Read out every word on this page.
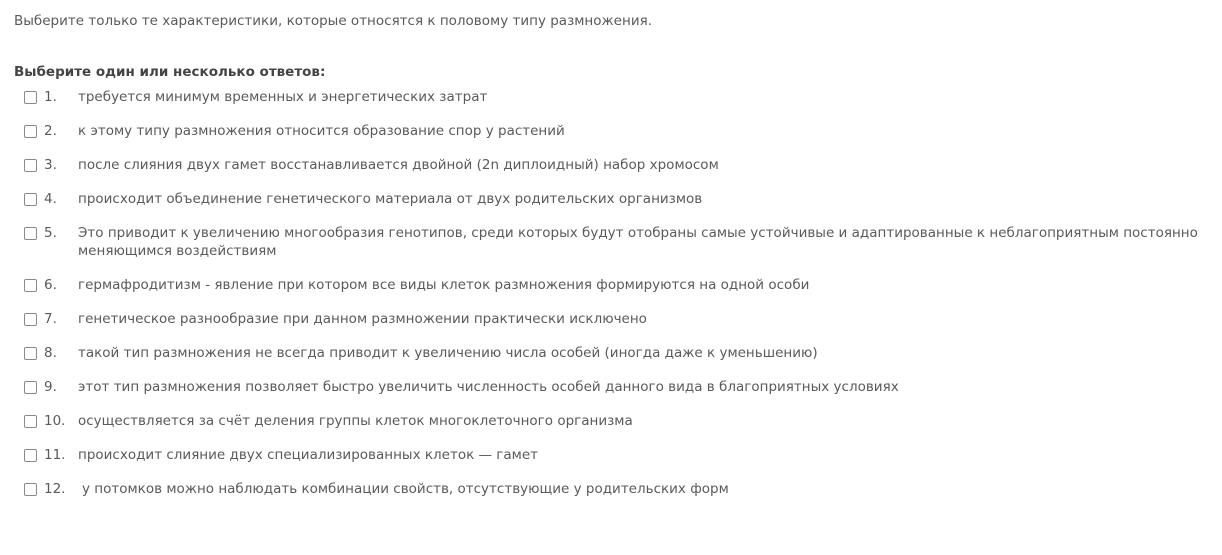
Выберите только те характеристики, которые относятся к половому типу размножения.

Выберите один или несколько ответов:
1.	требуется минимум временных и энергетических затрат
2.	к этому типу размножения относится образование спор у растений
3.	после слияния двух гамет восстанавливается двойной (2n диплоидный) набор хромосом
4.	происходит объединение генетического материала от двух родительских организмов
5.	Это приводит к увеличению многообразия генотипов, среди которых будут отобраны самые устойчивые и адаптированные к неблагоприятным постоянно меняющимся воздействиям
6.	гермафродитизм - явление при котором все виды клеток размножения формируются на одной особи
7.	генетическое разнообразие при данном размножении практически исключено
8.	такой тип размножения не всегда приводит к увеличению числа особей (иногда даже к уменьшению)
9.	этот тип размножения позволяет быстро увеличить численность особей данного вида в благоприятных условиях
10. осуществляется за счёт деления группы клеток многоклеточного организма
11. происходит слияние двух специализированных клеток — гамет
12.	у потомков можно наблюдать комбинации свойств, отсутствующие у родительских форм
